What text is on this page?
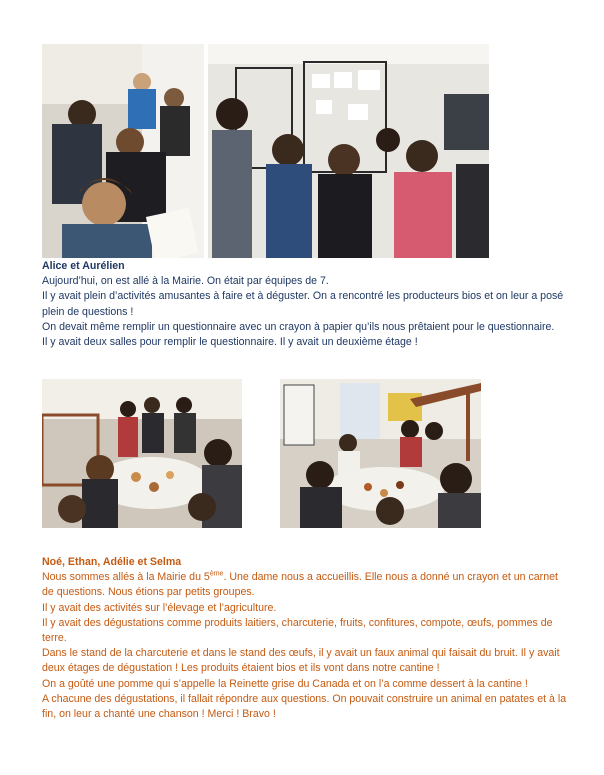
Alice et Aurélien

Aujourd’hui, on est allé à la Mairie. On était par équipes de 7.

Il y avait plein d’activités amusantes à faire et à déguster. On a rencontré les producteurs bios et on leur a posé plein de questions !

On devait même remplir un questionnaire avec un crayon à papier qu’ils nous prêtaient pour le questionnaire.

Il y avait deux salles pour remplir le questionnaire. Il y avait un deuxième étage !

Noé, Ethan, Adélie et Selma

Nous sommes allés à la Mairie du 5ème. Une dame nous a accueillis. Elle nous a donné un crayon et un carnet de questions. Nous étions par petits groupes.

Il y avait des activités sur l’élevage et l’agriculture.

Il y avait des dégustations comme produits laitiers, charcuterie, fruits, confitures, compote, œufs, pommes de terre.

Dans le stand de la charcuterie et dans le stand des œufs, il y avait un faux animal qui faisait du bruit. Il y avait deux étages de dégustation ! Les produits étaient bios et ils vont dans notre cantine !

On a goûté une pomme qui s’appelle la Reinette grise du Canada et on l’a comme dessert à la cantine !

A chacune des dégustations, il fallait répondre aux questions. On pouvait construire un animal en patates et à la fin, on leur a chanté une chanson ! Merci ! Bravo !
